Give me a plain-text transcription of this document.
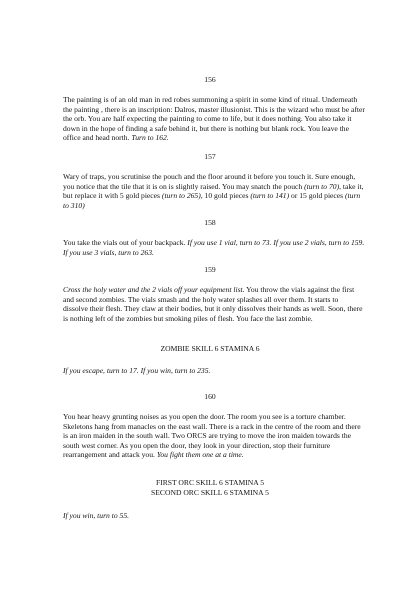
156

The painting is of an old man in red robes summoning a spirit in some kind of ritual. Underneath the painting , there is an inscription: Dalros, master illusionist. This is the wizard who must be after the orb. You are half expecting the painting to come to life, but it does nothing. You also take it down in the hope of finding a safe behind it, but there is nothing but blank rock. You leave the office and head north. Turn to 162.

157

Wary of traps, you scrutinise the pouch and the floor around it before you touch it. Sure enough, you notice that the tile that it is on is slightly raised. You may snatch the pouch (turn to 70), take it, but replace it with 5 gold pieces (turn to 265), 10 gold pieces (turn to 141) or 15 gold pieces (turn to 310)

158

You take the vials out of your backpack. If you use 1 vial, turn to 73. If you use 2 vials, turn to 159. If you use 3 vials, turn to 263.

159

Cross the holy water and the 2 vials off your equipment list. You throw the vials against the first and second zombies. The vials smash and the holy water splashes all over them. It starts to dissolve their flesh. They claw at their bodies, but it only dissolves their hands as well. Soon, there is nothing left of the zombies but smoking piles of flesh. You face the last zombie.

ZOMBIE SKILL 6 STAMINA 6

If you escape, turn to 17. If you win, turn to 235.

160

You hear heavy grunting noises as you open the door. The room you see is a torture chamber. Skeletons hang from manacles on the east wall. There is a rack in the centre of the room and there is an iron maiden in the south wall. Two ORCS are trying to move the iron maiden towards the south west corner. As you open the door, they look in your direction, stop their furniture rearrangement and attack you. You fight them one at a time.

FIRST ORC SKILL 6 STAMINA 5

SECOND ORC SKILL 6 STAMINA 5

If you win, turn to 55.
